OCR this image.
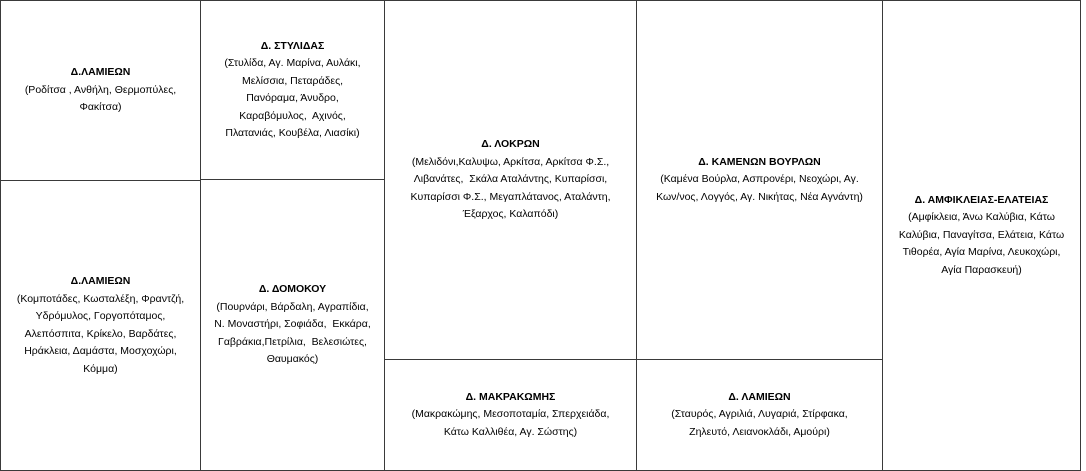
Δ.ΛΑΜΙΕΩΝ
(Ροδίτσα , Ανθήλη, Θερμοπύλες,
Φακίτσα)
Δ. ΣΤΥΛΙΔΑΣ
(Στυλίδα, Αγ. Μαρίνα, Αυλάκι,
Μελίσσια, Πεταράδες,
Πανόραμα, Άνυδρο,
Καραβόμυλος,  Αχινός,
Πλατανιάς, Κουβέλα, Λιασίκι)
Δ. ΛΟΚΡΩΝ
(Μελιδόνι,Καλυψω, Αρκίτσα, Αρκίτσα Φ.Σ.,
Λιβανάτες,  Σκάλα Αταλάντης, Κυπαρίσσι,
Κυπαρίσσι Φ.Σ., Μεγαπλάτανος, Αταλάντη,
Έξαρχος, Καλαπόδι)
Δ. ΚΑΜΕΝΩΝ ΒΟΥΡΛΩΝ
(Καμένα Βούρλα, Ασπρονέρι, Νεοχώρι, Αγ.
Κων/νος, Λογγός, Αγ. Νικήτας, Νέα Αγνάντη)	Δ. ΑΜΦΙΚΛΕΙΑΣ-ΕΛΑΤΕΙΑΣ
(Αμφίκλεια, Άνω Καλύβια, Κάτω
Καλύβια, Παναγίτσα, Ελάτεια, Κάτω
Τιθορέα, Αγία Μαρίνα, Λευκοχώρι,
Αγία Παρασκευή)
Δ.ΛΑΜΙΕΩΝ
(Κομποτάδες, Κωσταλέξη, Φραντζή,
Υδρόμυλος, Γοργοπόταμος,
Αλεπόσπιτα, Κρίκελο, Βαρδάτες,
Ηράκλεια, Δαμάστα, Μοσχοχώρι,
Κόμμα)
Δ. ΔΟΜΟΚΟΥ
(Πουρνάρι, Βάρδαλη, Αγραπίδια,
Ν. Μοναστήρι, Σοφιάδα,  Εκκάρα,
Γαβράκια,Πετρίλια,  Βελεσιώτες,
Θαυμακός)
Δ. ΜΑΚΡΑΚΩΜΗΣ
(Μακρακώμης, Μεσοποταμία, Σπερχειάδα,
Κάτω Καλλιθέα, Αγ. Σώστης)
Δ. ΛΑΜΙΕΩΝ
(Σταυρός, Αγριλιά, Λυγαριά, Στίρφακα,
Ζηλευτό, Λειανοκλάδι, Αμούρι)
